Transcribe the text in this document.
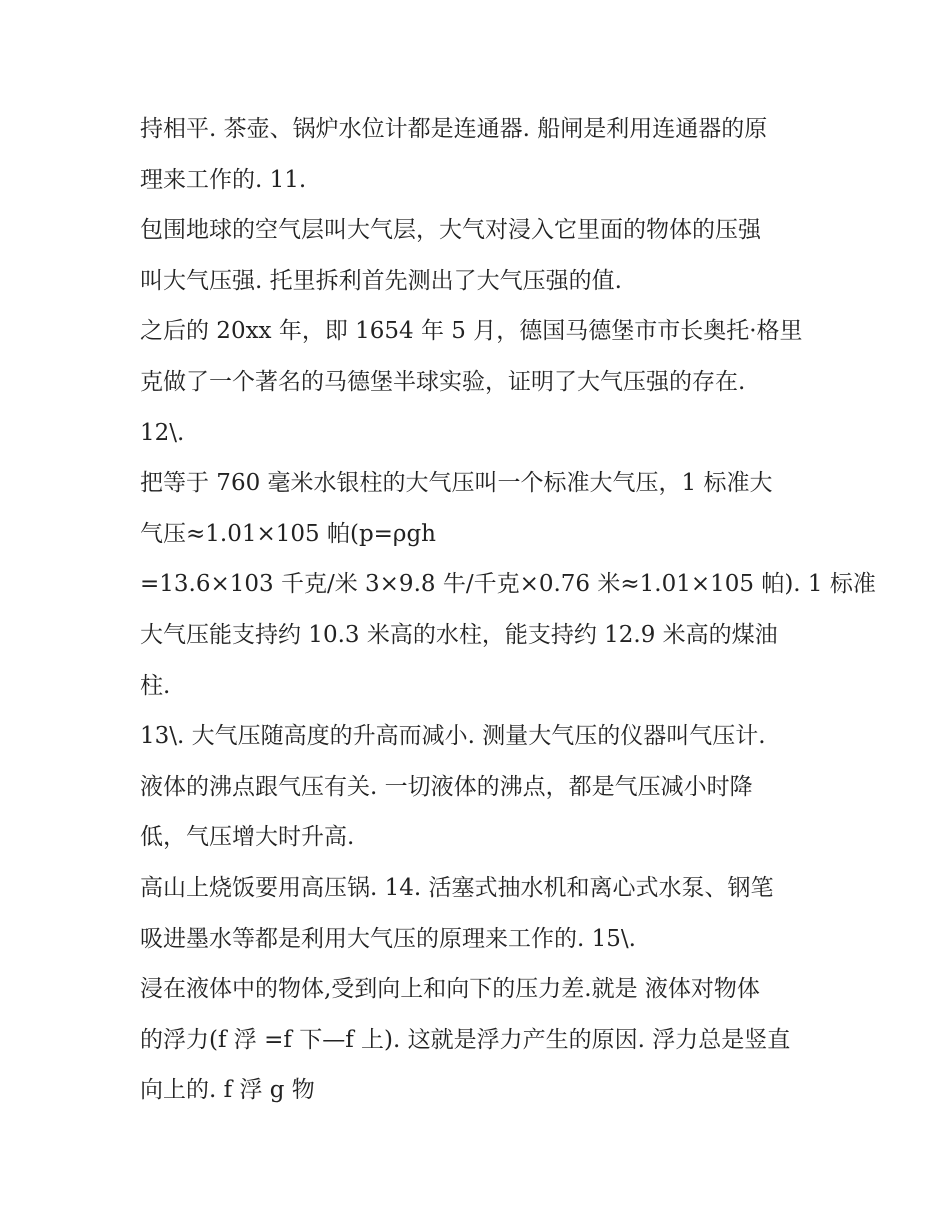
持相平. 茶壶、锅炉水位计都是连通器. 船闸是利用连通器的原
理来工作的. 11.
包围地球的空气层叫大气层，大气对浸入它里面的物体的压强
叫大气压强. 托里拆利首先测出了大气压强的值.
之后的 20xx 年，即 1654 年 5 月，德国马德堡市市长奥托·格里
克做了一个著名的马德堡半球实验，证明了大气压强的存在.
12\.
把等于 760 毫米水银柱的大气压叫一个标准大气压，1 标准大
气压≈1.01×105 帕(p=ρgh
=13.6×103 千克/米 3×9.8 牛/千克×0.76 米≈1.01×105 帕). 1 标准
大气压能支持约 10.3 米高的水柱，能支持约 12.9 米高的煤油
柱.
13\. 大气压随高度的升高而减小. 测量大气压的仪器叫气压计.
液体的沸点跟气压有关. 一切液体的沸点，都是气压减小时降
低，气压增大时升高.
高山上烧饭要用高压锅. 14. 活塞式抽水机和离心式水泵、钢笔
吸进墨水等都是利用大气压的原理来工作的. 15\.
浸在液体中的物体,受到向上和向下的压力差.就是 液体对物体
的浮力(f 浮 =f 下—f 上). 这就是浮力产生的原因. 浮力总是竖直
向上的. f 浮 g 物
